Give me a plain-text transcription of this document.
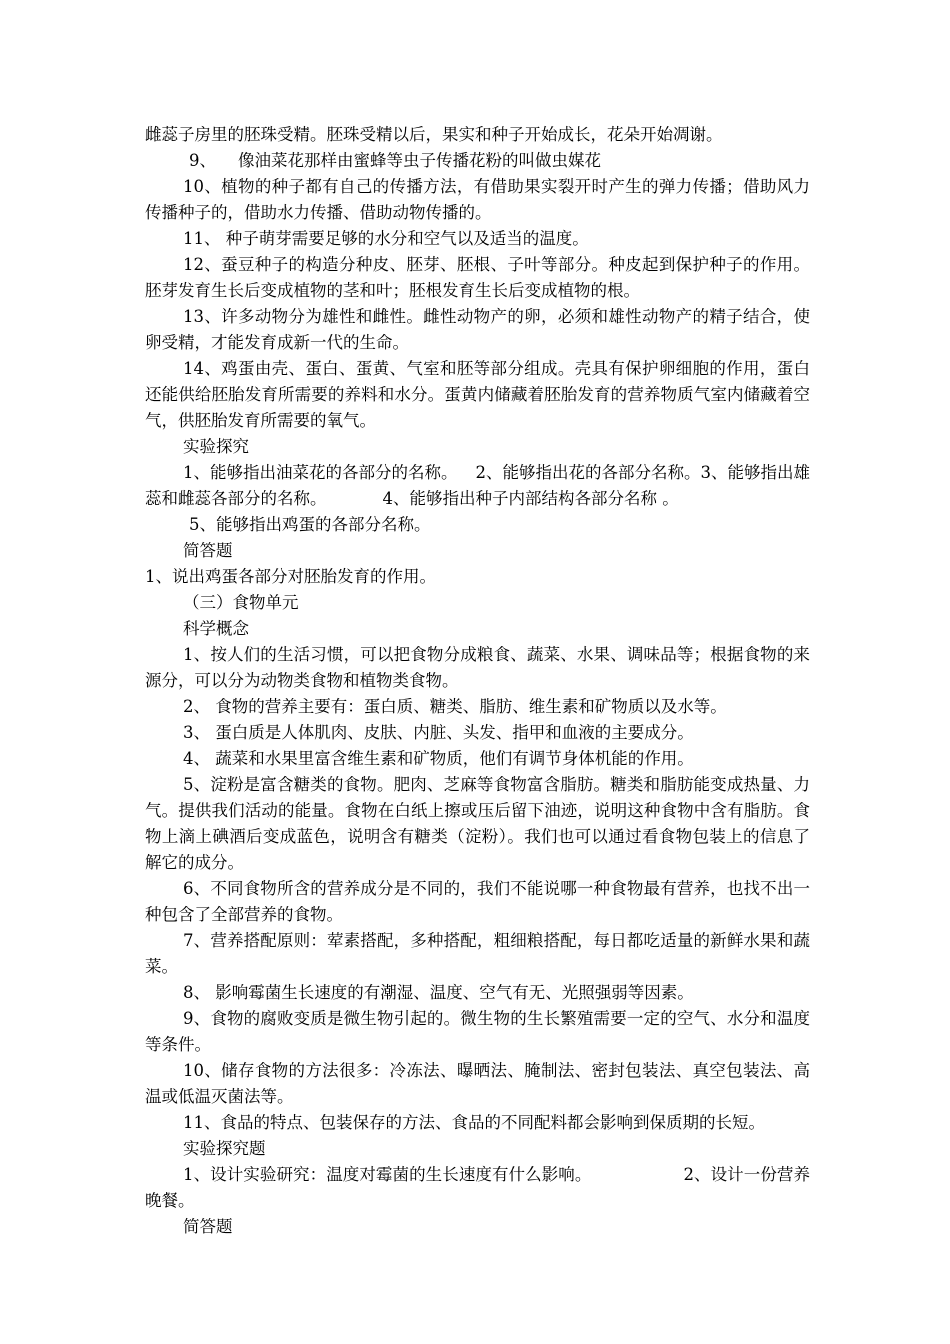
雌蕊子房里的胚珠受精。胚珠受精以后，果实和种子开始成长，花朵开始凋谢。

9、 像油菜花那样由蜜蜂等虫子传播花粉的叫做虫媒花

10、植物的种子都有自己的传播方法，有借助果实裂开时产生的弹力传播；借助风力传播种子的，借助水力传播、借助动物传播的。

11、 种子萌芽需要足够的水分和空气以及适当的温度。

12、蚕豆种子的构造分种皮、胚芽、胚根、子叶等部分。种皮起到保护种子的作用。胚芽发育生长后变成植物的茎和叶；胚根发育生长后变成植物的根。

13、许多动物分为雄性和雌性。雌性动物产的卵，必须和雄性动物产的精子结合，使卵受精，才能发育成新一代的生命。

14、鸡蛋由壳、蛋白、蛋黄、气室和胚等部分组成。壳具有保护卵细胞的作用，蛋白还能供给胚胎发育所需要的养料和水分。蛋黄内储藏着胚胎发育的营养物质气室内储藏着空气，供胚胎发育所需要的氧气。

实验探究

1、能够指出油菜花的各部分的名称。 2、能够指出花的各部分名称。3、能够指出雄蕊和雌蕊各部分的名称。	4、能够指出种子内部结构各部分名称 。

5、能够指出鸡蛋的各部分名称。

简答题

1、说出鸡蛋各部分对胚胎发育的作用。

（三）食物单元

科学概念

1、按人们的生活习惯，可以把食物分成粮食、蔬菜、水果、调味品等；根据食物的来源分，可以分为动物类食物和植物类食物。

2、 食物的营养主要有：蛋白质、糖类、脂肪、维生素和矿物质以及水等。

3、 蛋白质是人体肌肉、皮肤、内脏、头发、指甲和血液的主要成分。

4、 蔬菜和水果里富含维生素和矿物质，他们有调节身体机能的作用。

5、淀粉是富含糖类的食物。肥肉、芝麻等食物富含脂肪。糖类和脂肪能变成热量、力气。提供我们活动的能量。食物在白纸上擦或压后留下油迹，说明这种食物中含有脂肪。食物上滴上碘酒后变成蓝色，说明含有糖类（淀粉）。我们也可以通过看食物包装上的信息了解它的成分。

6、不同食物所含的营养成分是不同的，我们不能说哪一种食物最有营养，也找不出一种包含了全部营养的食物。

7、营养搭配原则：荤素搭配，多种搭配，粗细粮搭配，每日都吃适量的新鲜水果和蔬菜。

8、 影响霉菌生长速度的有潮湿、温度、空气有无、光照强弱等因素。

9、食物的腐败变质是微生物引起的。微生物的生长繁殖需要一定的空气、水分和温度等条件。

10、储存食物的方法很多：冷冻法、曝晒法、腌制法、密封包装法、真空包装法、高温或低温灭菌法等。

11、食品的特点、包装保存的方法、食品的不同配料都会影响到保质期的长短。

实验探究题

1、设计实验研究：温度对霉菌的生长速度有什么影响。	2、设计一份营养晚餐。

简答题
